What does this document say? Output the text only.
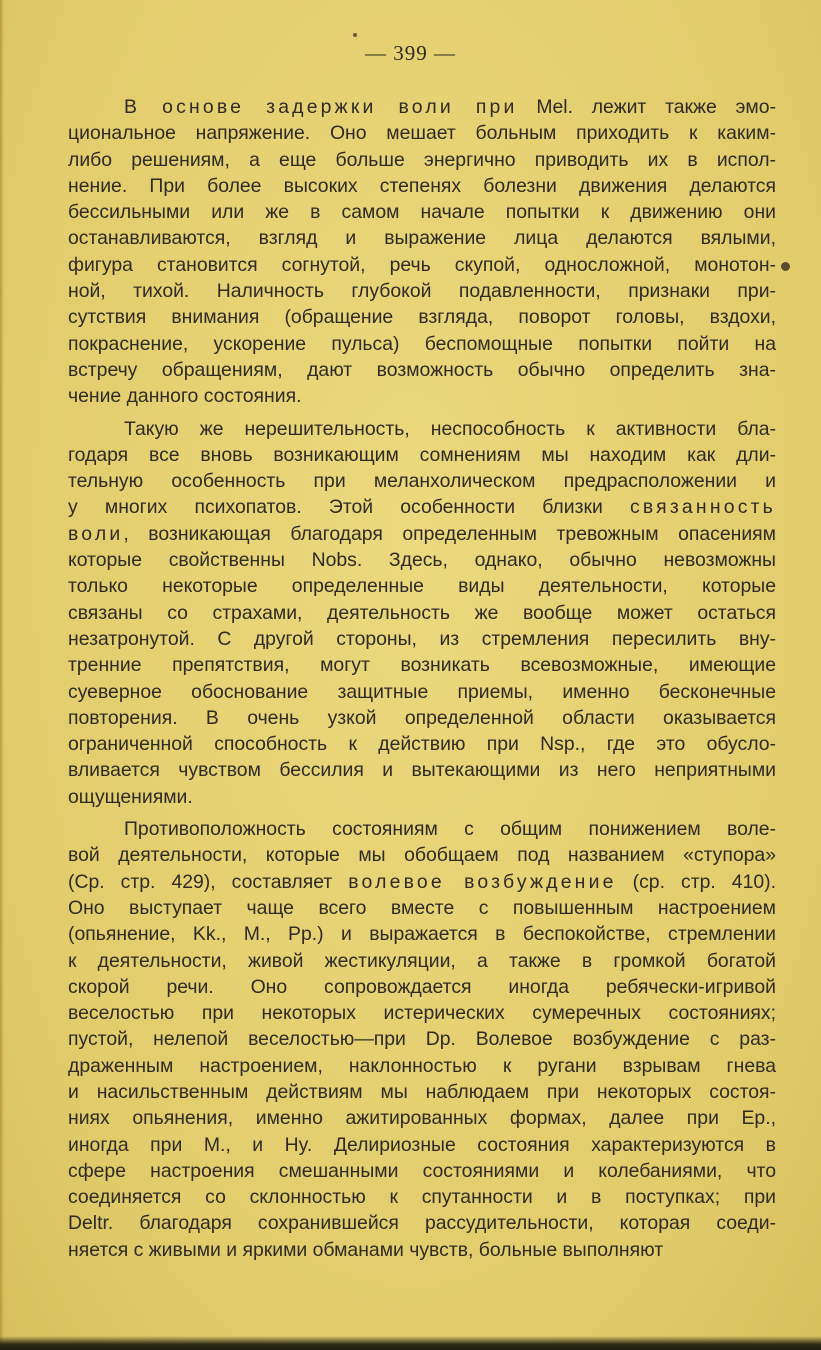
— 399 —
В основе задержки воли при Mel. лежит также эмо-
циональное напряжение. Оно мешает больным приходить к каким-
либо решениям, а еще больше энергично приводить их в испол-
нение. При более высоких степенях болезни движения делаются
бессильными или же в самом начале попытки к движению они
останавливаются, взгляд и выражение лица делаются вялыми,
фигура становится согнутой, речь скупой, односложной, монотон-
ной, тихой. Наличность глубокой подавленности, признаки при-
сутствия внимания (обращение взгляда, поворот головы, вздохи,
покраснение, ускорение пульса) беспомощные попытки пойти на
встречу обращениям, дают возможность обычно определить зна-
чение данного состояния.
Такую же нерешительность, неспособность к активности бла-
годаря все вновь возникающим сомнениям мы находим как дли-
тельную особенность при меланхолическом предрасположении и
у многих психопатов. Этой особенности близки связанность
воли, возникающая благодаря определенным тревожным опасениям
которые свойственны Nobs. Здесь, однако, обычно невозможны
только некоторые определенные виды деятельности, которые
связаны со страхами, деятельность же вообще может остаться
незатронутой. С другой стороны, из стремления пересилить вну-
тренние препятствия, могут возникать всевозможные, имеющие
суеверное обоснование защитные приемы, именно бесконечные
повторения. В очень узкой определенной области оказывается
ограниченной способность к действию при Nsp., где это обусло-
вливается чувством бессилия и вытекающими из него неприятными
ощущениями.
Противоположность состояниям с общим понижением воле-
вой деятельности, которые мы обобщаем под названием «ступора»
(Ср. стр. 429), составляет волевое возбуждение (ср. стр. 410).
Оно выступает чаще всего вместе с повышенным настроением
(опьянение, Kk., M., Pp.) и выражается в беспокойстве, стремлении
к деятельности, живой жестикуляции, а также в громкой богатой
скорой речи. Оно сопровождается иногда ребячески-игривой
веселостью при некоторых истерических сумеречных состояниях;
пустой, нелепой веселостью—при Dp. Волевое возбуждение с раз-
драженным настроением, наклонностью к ругани взрывам гнева
и насильственным действиям мы наблюдаем при некоторых состоя-
ниях опьянения, именно ажитированных формах, далее при Ep.,
иногда при M., и Hy. Делириозные состояния характеризуются в
сфере настроения смешанными состояниями и колебаниями, что
соединяется со склонностью к спутанности и в поступках; при
Deltr. благодаря сохранившейся рассудительности, которая соеди-
няется с живыми и яркими обманами чувств, больные выполняют
